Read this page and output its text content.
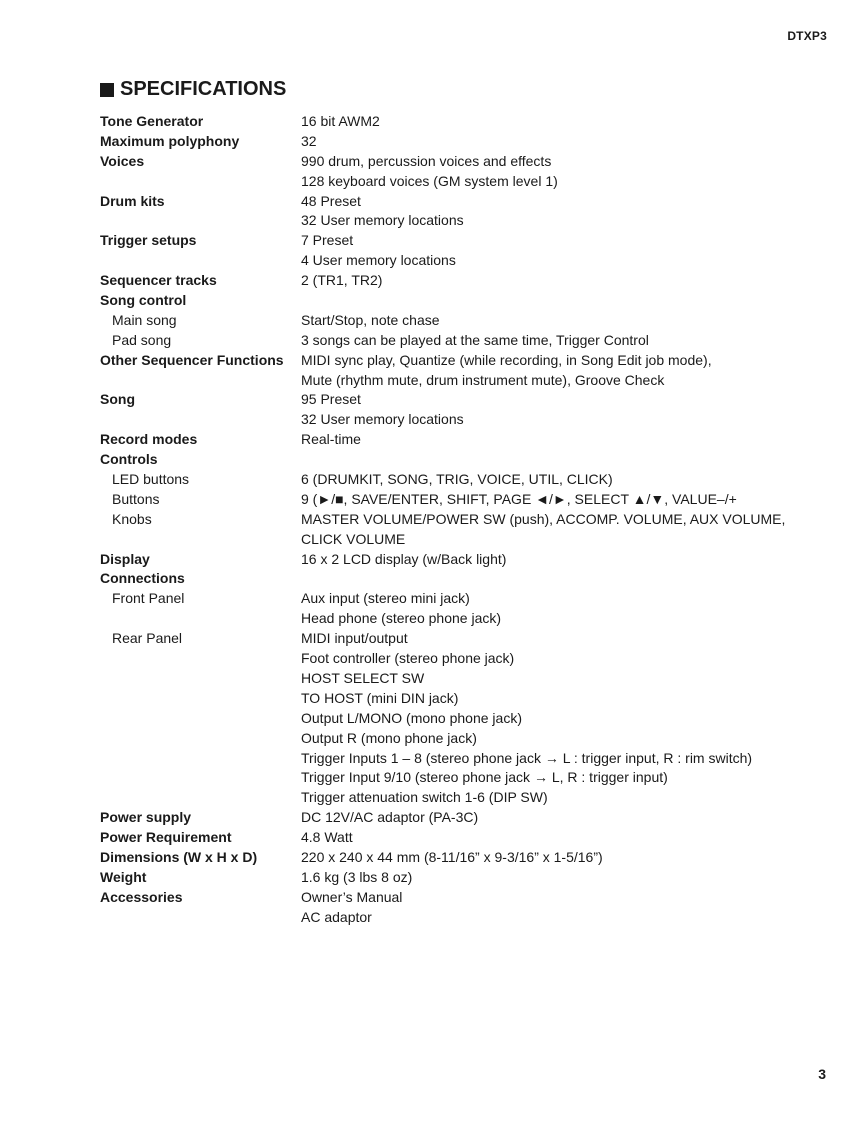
DTXP3
SPECIFICATIONS
Tone Generator	16 bit AWM2
Maximum polyphony	32
Voices	990 drum, percussion voices and effects
128 keyboard voices (GM system level 1)
Drum kits	48 Preset
32 User memory locations
Trigger setups	7 Preset
4 User memory locations
Sequencer tracks	2 (TR1, TR2)
Song control
Main song	Start/Stop, note chase
Pad song	3 songs can be played at the same time, Trigger Control
Other Sequencer Functions	MIDI sync play, Quantize (while recording, in Song Edit job mode),
Mute (rhythm mute, drum instrument mute), Groove Check
Song	95 Preset
32 User memory locations
Record modes	Real-time
Controls
LED buttons	6 (DRUMKIT, SONG, TRIG, VOICE, UTIL, CLICK)
Buttons	9 (►/■, SAVE/ENTER, SHIFT, PAGE ◄/►, SELECT ▲/▼, VALUE–/+
Knobs	MASTER VOLUME/POWER SW (push), ACCOMP. VOLUME, AUX VOLUME,
CLICK VOLUME
Display	16 x 2 LCD display (w/Back light)
Connections
Front Panel	Aux input (stereo mini jack)
Head phone (stereo phone jack)
Rear Panel	MIDI input/output
Foot controller (stereo phone jack)
HOST SELECT SW
TO HOST (mini DIN jack)
Output L/MONO (mono phone jack)
Output R (mono phone jack)
Trigger Inputs 1 – 8 (stereo phone jack → L : trigger input, R : rim switch)
Trigger Input 9/10 (stereo phone jack → L, R : trigger input)
Trigger attenuation switch 1-6 (DIP SW)
Power supply	DC 12V/AC adaptor (PA-3C)
Power Requirement	4.8 Watt
Dimensions (W x H x D)	220 x 240 x 44 mm (8-11/16” x 9-3/16” x 1-5/16”)
Weight	1.6 kg (3 lbs 8 oz)
Accessories	Owner’s Manual
AC adaptor
3
